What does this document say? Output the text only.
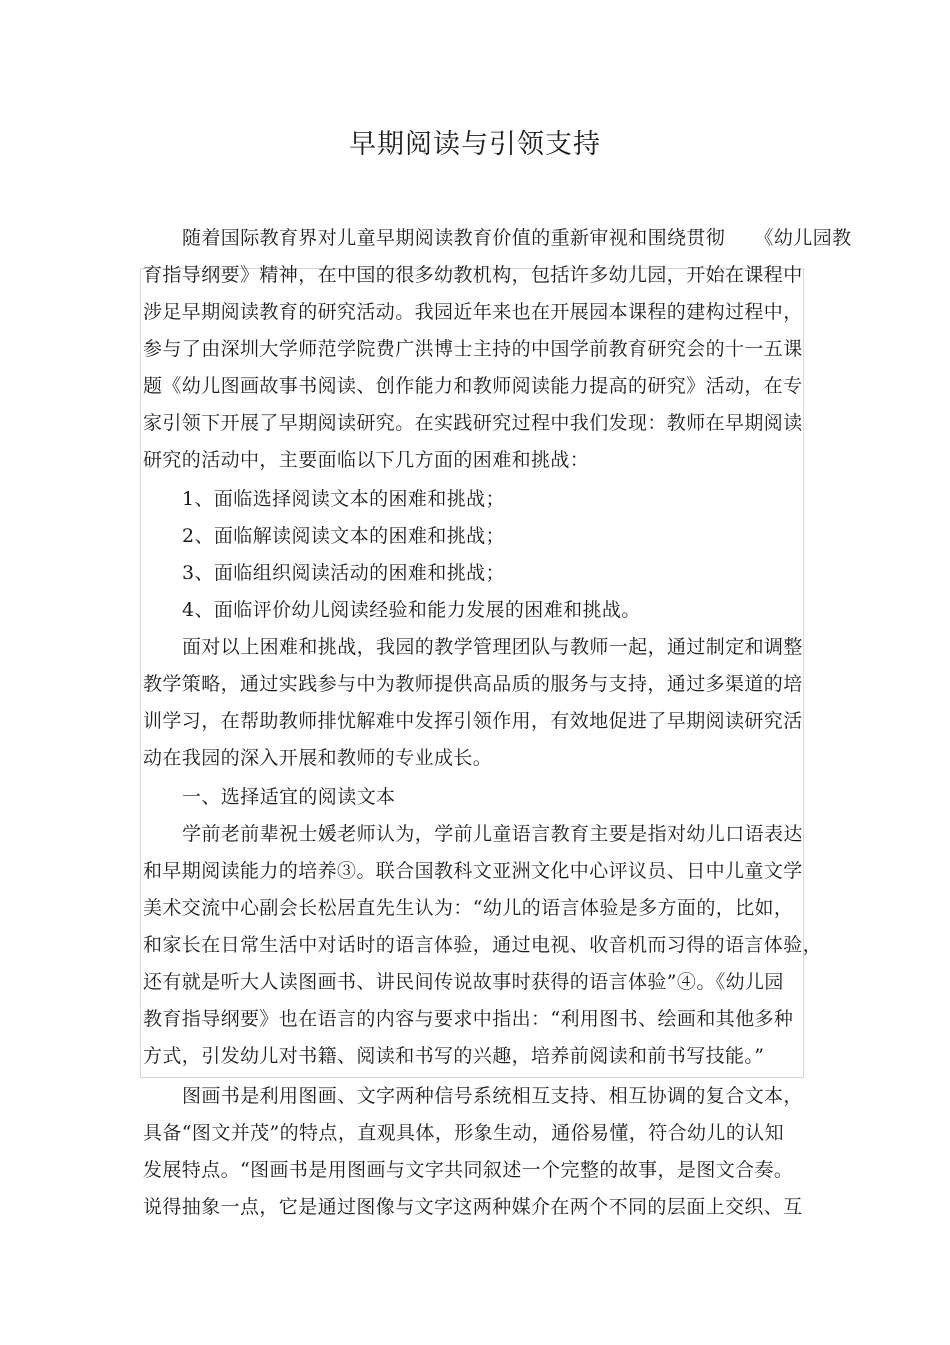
早期阅读与引领支持
随着国际教育界对儿童早期阅读教育价值的重新审视和围绕贯彻　　《幼儿园教
育指导纲要》精神，在中国的很多幼教机构，包括许多幼儿园，开始在课程中
涉足早期阅读教育的研究活动。我园近年来也在开展园本课程的建构过程中，
参与了由深圳大学师范学院费广洪博士主持的中国学前教育研究会的十一五课
题《幼儿图画故事书阅读、创作能力和教师阅读能力提高的研究》活动，在专
家引领下开展了早期阅读研究。在实践研究过程中我们发现：教师在早期阅读
研究的活动中，主要面临以下几方面的困难和挑战：
1、面临选择阅读文本的困难和挑战；
2、面临解读阅读文本的困难和挑战；
3、面临组织阅读活动的困难和挑战；
4、面临评价幼儿阅读经验和能力发展的困难和挑战。
面对以上困难和挑战，我园的教学管理团队与教师一起，通过制定和调整
教学策略，通过实践参与中为教师提供高品质的服务与支持，通过多渠道的培
训学习，在帮助教师排忧解难中发挥引领作用，有效地促进了早期阅读研究活
动在我园的深入开展和教师的专业成长。
一、选择适宜的阅读文本
学前老前辈祝士媛老师认为，学前儿童语言教育主要是指对幼儿口语表达
和早期阅读能力的培养③。联合国教科文亚洲文化中心评议员、日中儿童文学
美术交流中心副会长松居直先生认为：“幼儿的语言体验是多方面的，比如，
和家长在日常生活中对话时的语言体验，通过电视、收音机而习得的语言体验，
还有就是听大人读图画书、讲民间传说故事时获得的语言体验”④。《幼儿园
教育指导纲要》也在语言的内容与要求中指出：“利用图书、绘画和其他多种
方式，引发幼儿对书籍、阅读和书写的兴趣，培养前阅读和前书写技能。”
图画书是利用图画、文字两种信号系统相互支持、相互协调的复合文本，
具备“图文并茂”的特点，直观具体，形象生动，通俗易懂，符合幼儿的认知
发展特点。“图画书是用图画与文字共同叙述一个完整的故事，是图文合奏。
说得抽象一点，它是通过图像与文字这两种媒介在两个不同的层面上交织、互
